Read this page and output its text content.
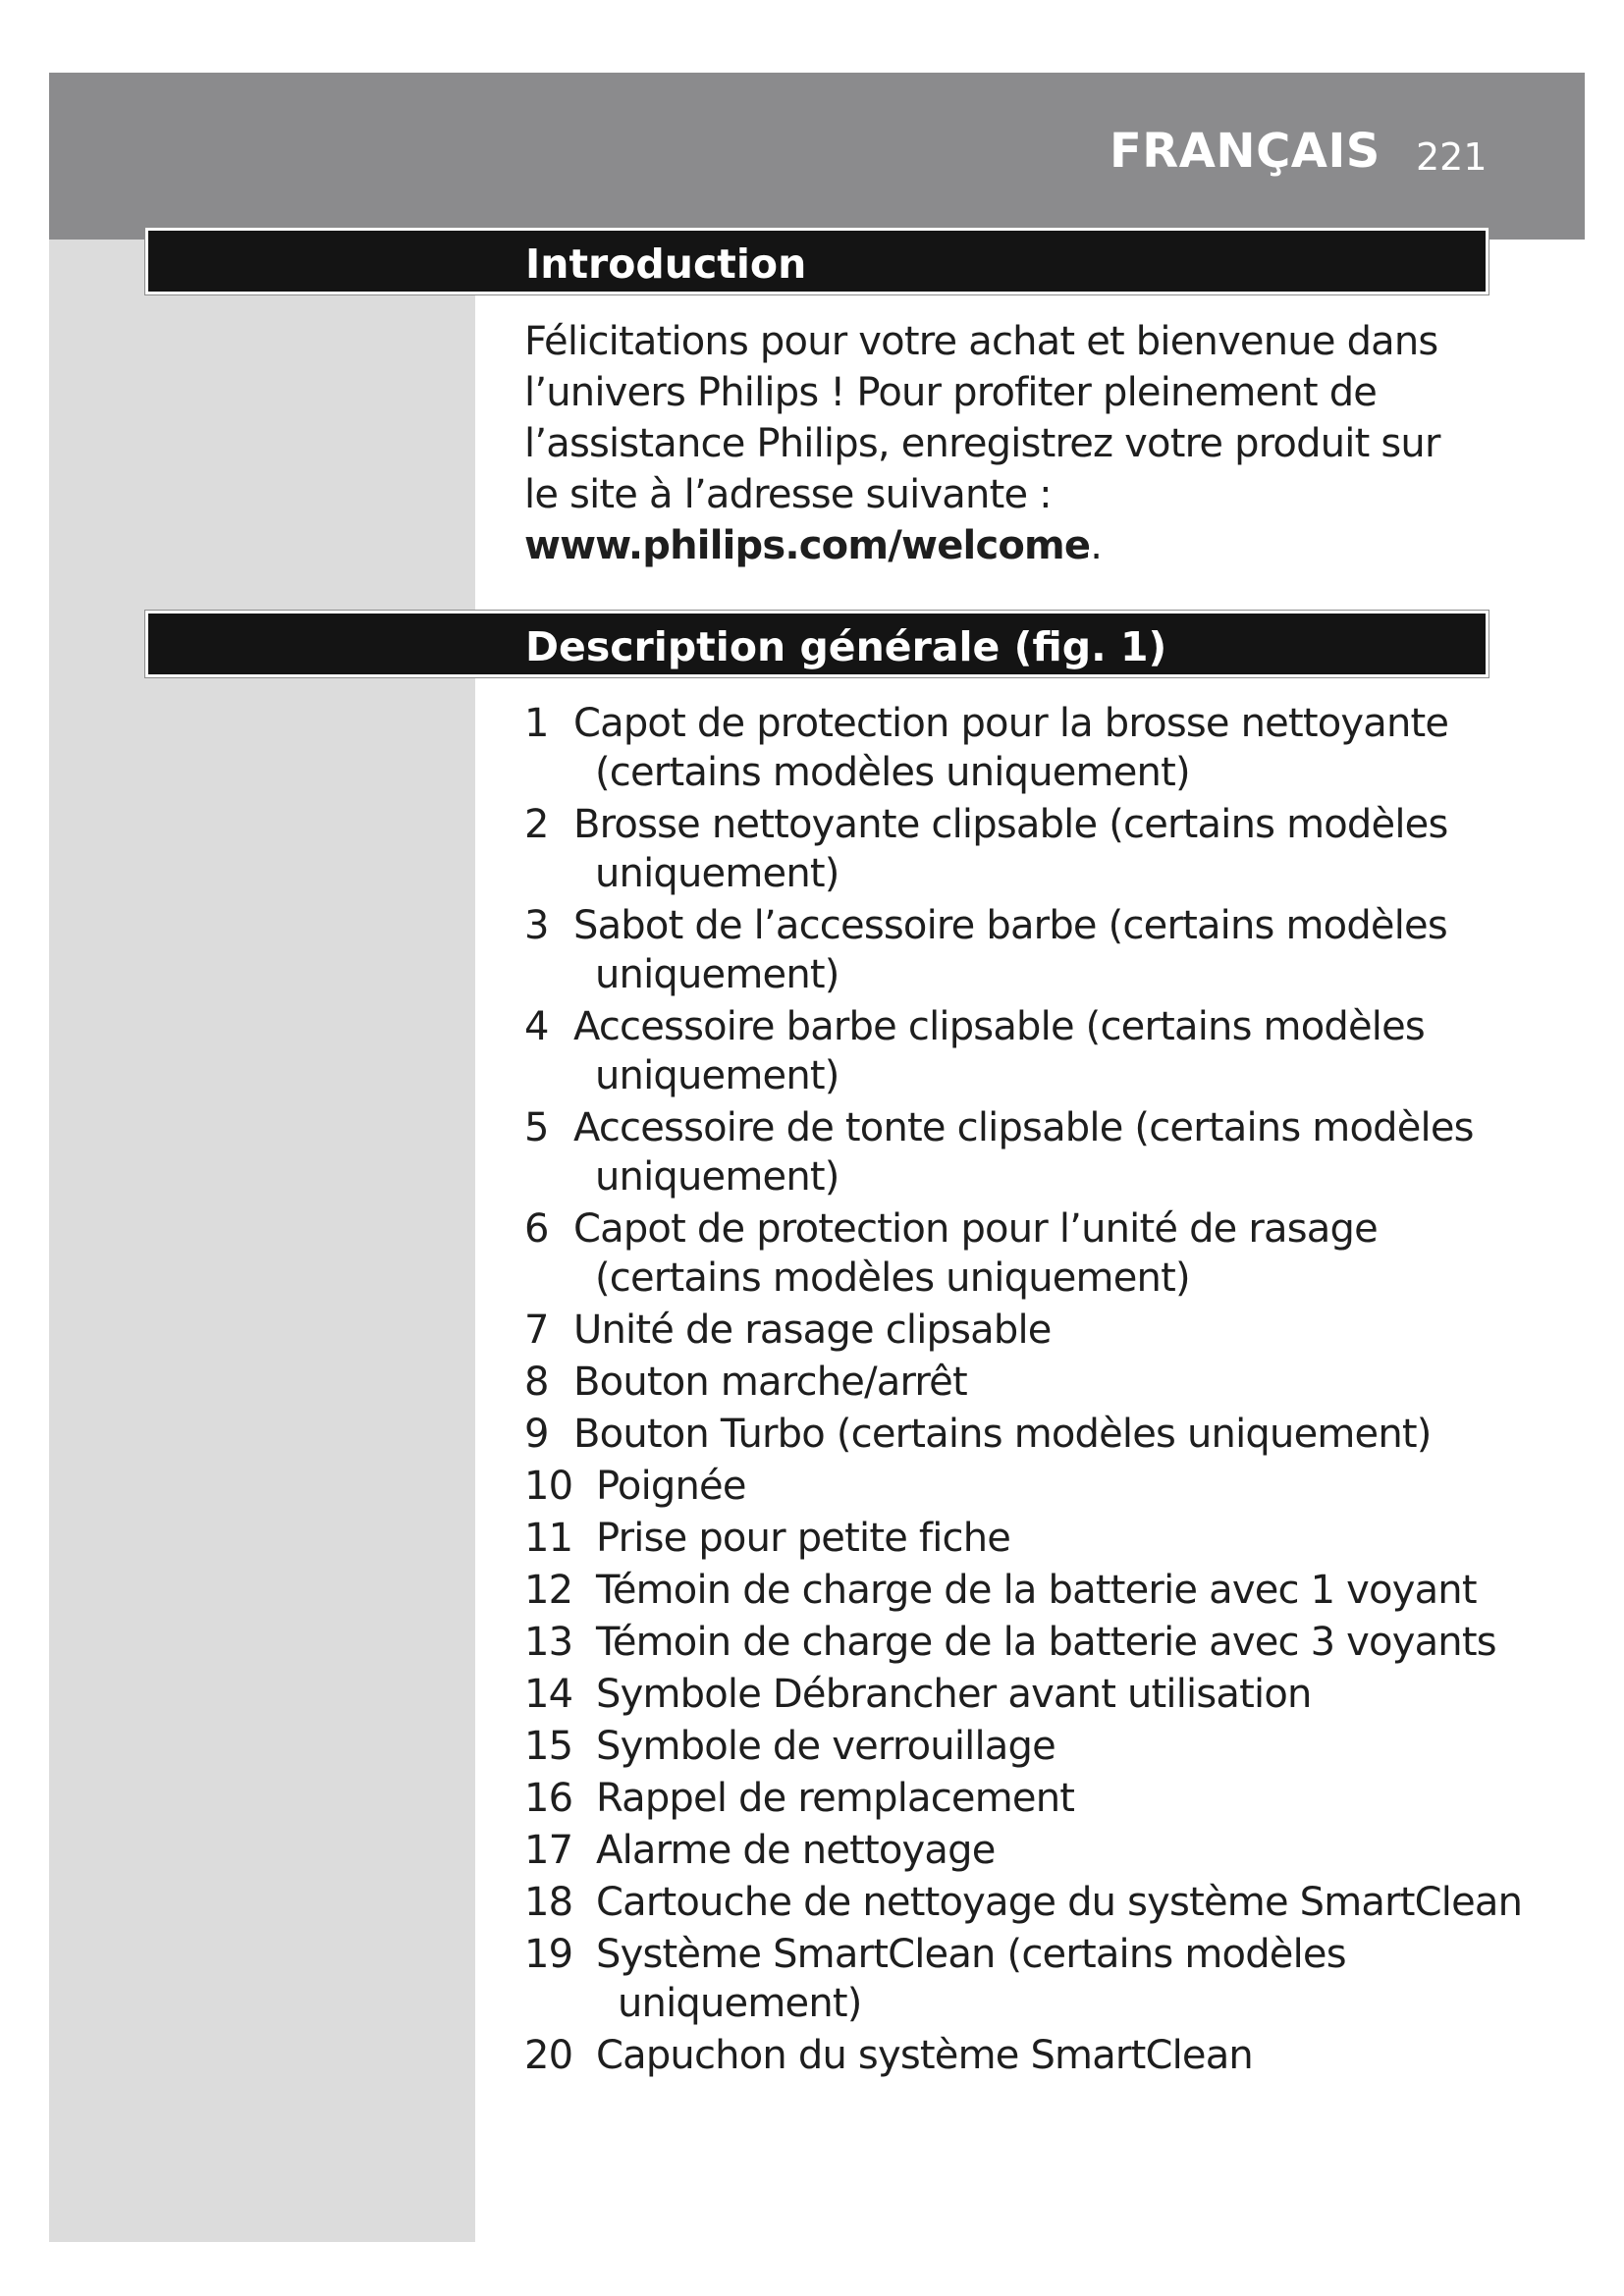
FRANÇAIS 221
Introduction

Félicitations pour votre achat et bienvenue dans l’univers Philips ! Pour profiter pleinement de l’assistance Philips, enregistrez votre produit sur le site à l’adresse suivante : www.philips.com/welcome.

Description générale (fig. 1)
1 Capot de protection pour la brosse nettoyante
(certains modèles uniquement)
2 Brosse nettoyante clipsable (certains modèles
uniquement)
3 Sabot de l’accessoire barbe (certains modèles
uniquement)
4 Accessoire barbe clipsable (certains modèles
uniquement)
5 Accessoire de tonte clipsable (certains modèles
uniquement)
6 Capot de protection pour l’unité de rasage
(certains modèles uniquement)
7 Unité de rasage clipsable
8 Bouton marche/arrêt
9 Bouton Turbo (certains modèles uniquement)
10 Poignée
11 Prise pour petite fiche
12 Témoin de charge de la batterie avec 1 voyant
13 Témoin de charge de la batterie avec 3 voyants
14 Symbole Débrancher avant utilisation
15 Symbole de verrouillage
16 Rappel de remplacement
17 Alarme de nettoyage
18 Cartouche de nettoyage du système SmartClean
19 Système SmartClean (certains modèles
uniquement)
20 Capuchon du système SmartClean
